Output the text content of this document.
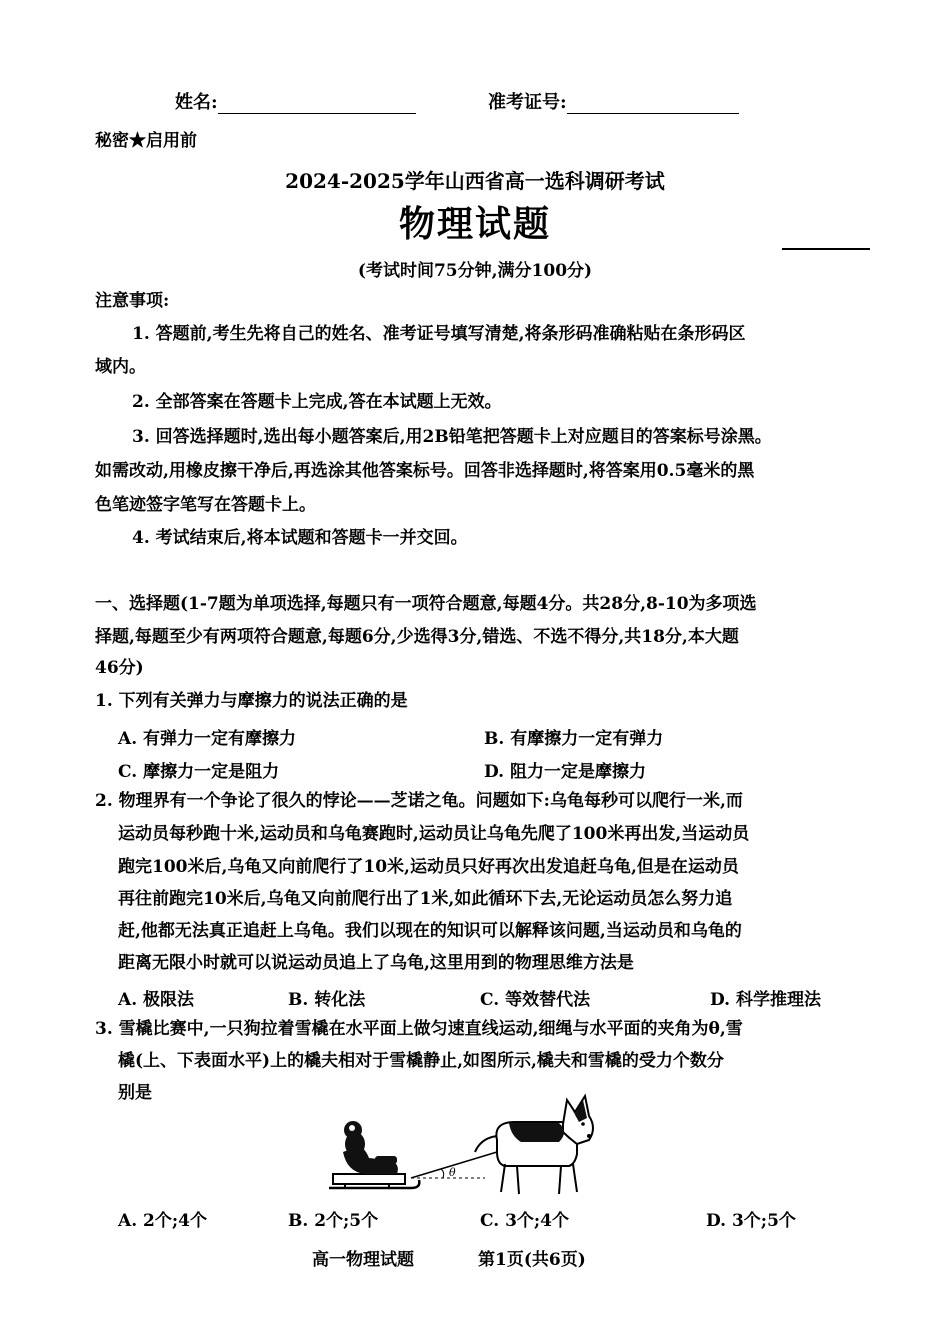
姓名:	准考证号:
秘密★启用前
2024-2025学年山西省高一选科调研考试
物理试题
(考试时间75分钟,满分100分)
注意事项:
1. 答题前,考生先将自己的姓名、准考证号填写清楚,将条形码准确粘贴在条形码区
域内。
2. 全部答案在答题卡上完成,答在本试题上无效。
3. 回答选择题时,选出每小题答案后,用2B铅笔把答题卡上对应题目的答案标号涂黑。
如需改动,用橡皮擦干净后,再选涂其他答案标号。回答非选择题时,将答案用0.5毫米的黑
色笔迹签字笔写在答题卡上。
4. 考试结束后,将本试题和答题卡一并交回。
一、选择题(1-7题为单项选择,每题只有一项符合题意,每题4分。共28分,8-10为多项选
择题,每题至少有两项符合题意,每题6分,少选得3分,错选、不选不得分,共18分,本大题
46分)
1. 下列有关弹力与摩擦力的说法正确的是
A. 有弹力一定有摩擦力	B. 有摩擦力一定有弹力
C. 摩擦力一定是阻力	D. 阻力一定是摩擦力
2. 物理界有一个争论了很久的悖论——芝诺之龟。问题如下:乌龟每秒可以爬行一米,而
运动员每秒跑十米,运动员和乌龟赛跑时,运动员让乌龟先爬了100米再出发,当运动员
跑完100米后,乌龟又向前爬行了10米,运动员只好再次出发追赶乌龟,但是在运动员
再往前跑完10米后,乌龟又向前爬行出了1米,如此循环下去,无论运动员怎么努力追
赶,他都无法真正追赶上乌龟。我们以现在的知识可以解释该问题,当运动员和乌龟的
距离无限小时就可以说运动员追上了乌龟,这里用到的物理思维方法是
A. 极限法	B. 转化法	C. 等效替代法	D. 科学推理法
3. 雪橇比赛中,一只狗拉着雪橇在水平面上做匀速直线运动,细绳与水平面的夹角为θ,雪
橇(上、下表面水平)上的橇夫相对于雪橇静止,如图所示,橇夫和雪橇的受力个数分
别是
θ
A. 2个;4个	B. 2个;5个	C. 3个;4个	D. 3个;5个
高一物理试题	第1页(共6页)
